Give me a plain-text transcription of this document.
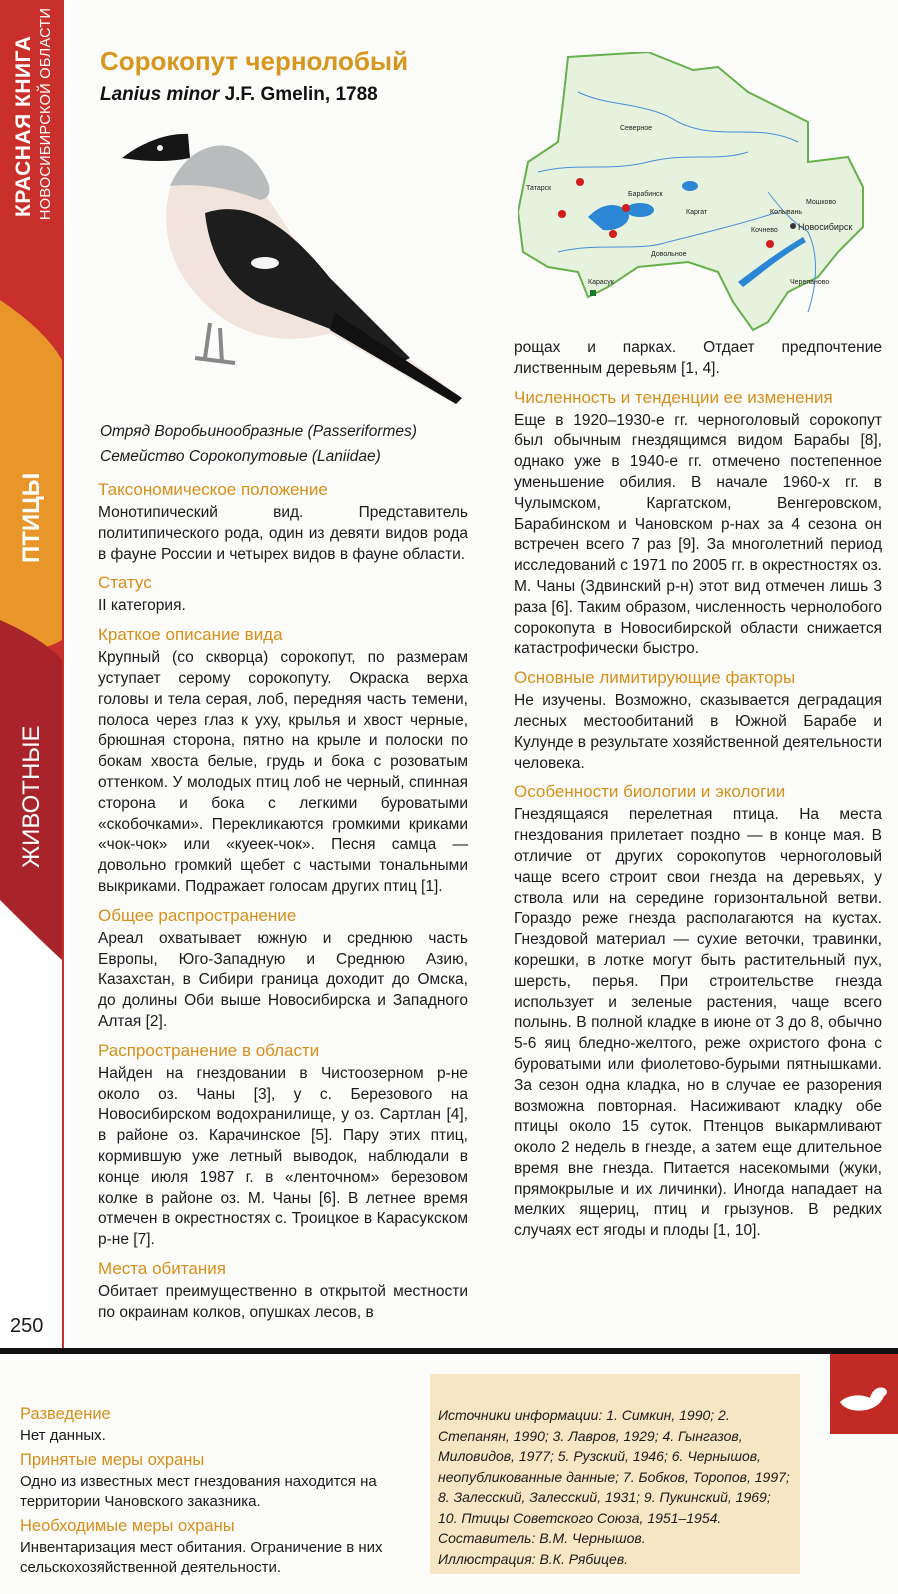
КРАСНАЯ КНИГА НОВОСИБИРСКОЙ ОБЛАСТИ
ПТИЦЫ
ЖИВОТНЫЕ
250
Сорокопут чернолобый
Lanius minor J.F. Gmelin, 1788
Северное
Татарск
Барабинск
Каргат
Довольное
Мошково
Колывань
Кочнево Новосибирск
Карасук	Черепаново
Отряд Воробьинообразные (Passeriformes)
Семейство Сорокопутовые (Laniidae)
Таксономическое положение

Монотипический вид. Представитель политипического рода, один из девяти видов рода в фауне России и четырех видов в фауне области.

Статус

II категория.

Краткое описание вида

Крупный (со скворца) сорокопут, по размерам уступает серому сорокопуту. Окраска верха головы и тела серая, лоб, передняя часть темени, полоса через глаз к уху, крылья и хвост черные, брюшная сторона, пятно на крыле и полоски по бокам хвоста белые, грудь и бока с розоватым оттенком. У молодых птиц лоб не черный, спинная сторона и бока с легкими буроватыми «скобочками». Перекликаются громкими криками «чок-чок» или «куеек-чок». Песня самца — довольно громкий щебет с частыми тональными выкриками. Подражает голосам других птиц [1].

Общее распространение

Ареал охватывает южную и среднюю часть Европы, Юго-Западную и Среднюю Азию, Казахстан, в Сибири граница доходит до Омска, до долины Оби выше Новосибирска и Западного Алтая [2].

Распространение в области

Найден на гнездовании в Чистоозерном р-не около оз. Чаны [3], у с. Березового на Новосибирском водохранилище, у оз. Сартлан [4], в районе оз. Карачинское [5]. Пару этих птиц, кормившую уже летный выводок, наблюдали в конце июля 1987 г. в «ленточном» березовом колке в районе оз. М. Чаны [6]. В летнее время отмечен в окрестностях с. Троицкое в Карасукском р-не [7].

Места обитания

Обитает преимущественно в открытой местности по окраинам колков, опушках лесов, в

рощах и парках. Отдает предпочтение лиственным деревьям [1, 4].

Численность и тенденции ее изменения

Еще в 1920–1930-е гг. черноголовый сорокопут был обычным гнездящимся видом Барабы [8], однако уже в 1940-е гг. отмечено постепенное уменьшение обилия. В начале 1960-х гг. в Чулымском, Каргатском, Венгеровском, Барабинском и Чановском р-нах за 4 сезона он встречен всего 7 раз [9]. За многолетний период исследований с 1971 по 2005 гг. в окрестностях оз. М. Чаны (Здвинский р-н) этот вид отмечен лишь 3 раза [6]. Таким образом, численность чернолобого сорокопута в Новосибирской области снижается катастрофически быстро.

Основные лимитирующие факторы

Не изучены. Возможно, сказывается деградация лесных местообитаний в Южной Барабе и Кулунде в результате хозяйственной деятельности человека.

Особенности биологии и экологии

Гнездящаяся перелетная птица. На места гнездования прилетает поздно — в конце мая. В отличие от других сорокопутов черноголовый чаще всего строит свои гнезда на деревьях, у ствола или на середине горизонтальной ветви. Гораздо реже гнезда располагаются на кустах. Гнездовой материал — сухие веточки, травинки, корешки, в лотке могут быть растительный пух, шерсть, перья. При строительстве гнезда использует и зеленые растения, чаще всего полынь. В полной кладке в июне от 3 до 8, обычно 5-6 яиц бледно-желтого, реже охристого фона с буроватыми или фиолетово-бурыми пятнышками. За сезон одна кладка, но в случае ее разорения возможна повторная. Насиживают кладку обе птицы около 15 суток. Птенцов выкармливают около 2 недель в гнезде, а затем еще длительное время вне гнезда. Питается насекомыми (жуки, прямокрылые и их личинки). Иногда нападает на мелких ящериц, птиц и грызунов. В редких случаях ест ягоды и плоды [1, 10].

Разведение

Нет данных.

Принятые меры охраны

Одно из известных мест гнездования находится на территории Чановского заказника.

Необходимые меры охраны

Инвентаризация мест обитания. Ограничение в них сельскохозяйственной деятельности.

Источники информации: 1. Симкин, 1990; 2. Степанян, 1990; 3. Лавров, 1929; 4. Гынгазов, Миловидов, 1977; 5. Рузский, 1946; 6. Чернышов, неопубликованные данные; 7. Бобков, Торопов, 1997; 8. Залесский, Залесский, 1931; 9. Пукинский, 1969; 10. Птицы Советского Союза, 1951–1954.
Составитель: В.М. Чернышов.
Иллюстрация: В.К. Рябицев.
